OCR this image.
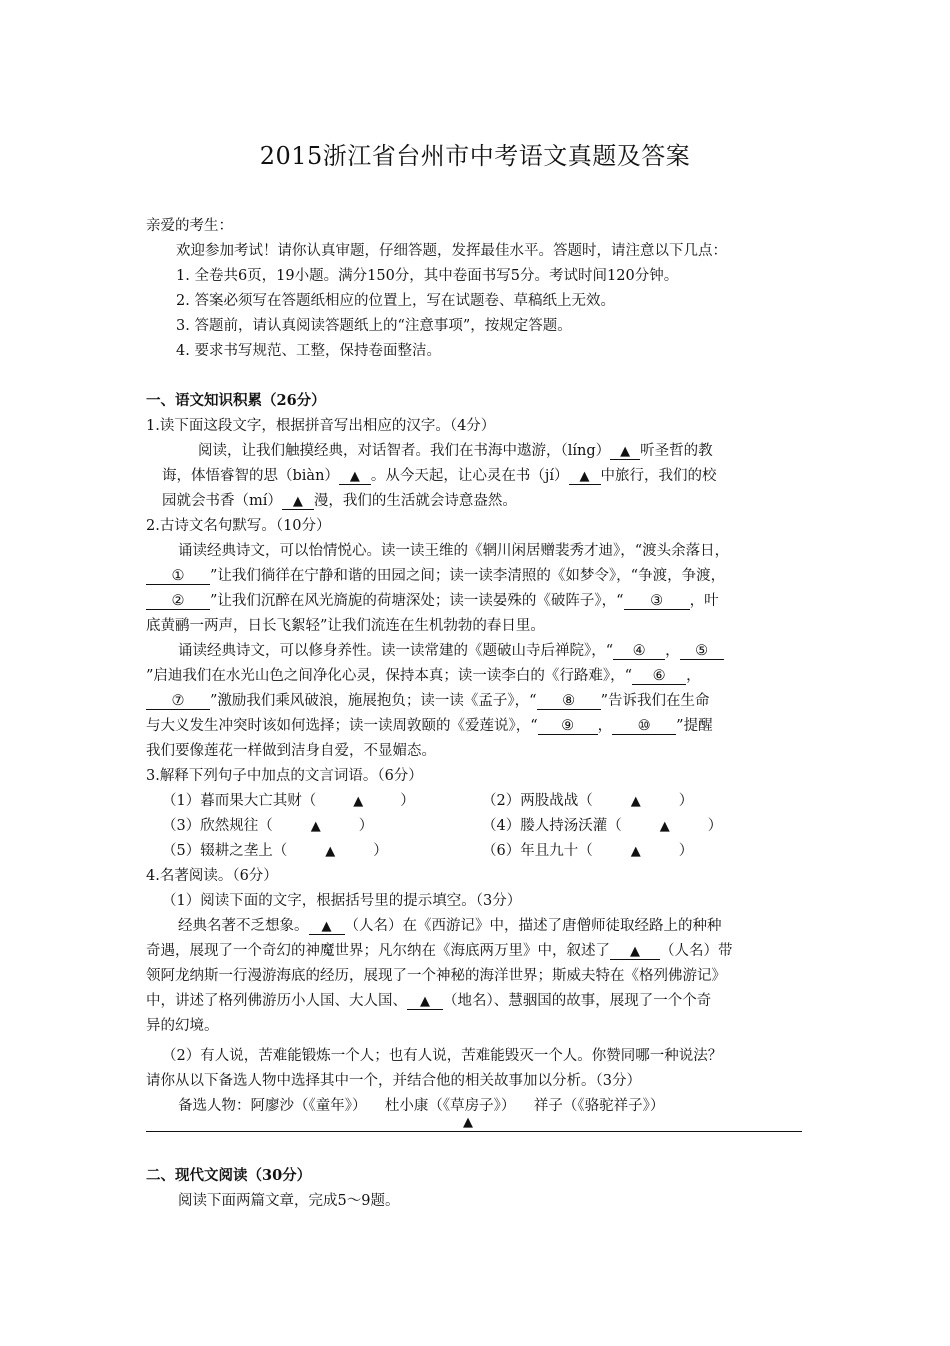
2015浙江省台州市中考语文真题及答案
亲爱的考生：
欢迎参加考试！请你认真审题，仔细答题，发挥最佳水平。答题时，请注意以下几点：
1. 全卷共6页，19小题。满分150分，其中卷面书写5分。考试时间120分钟。
2. 答案必须写在答题纸相应的位置上，写在试题卷、草稿纸上无效。
3. 答题前，请认真阅读答题纸上的“注意事项”，按规定答题。
4. 要求书写规范、工整，保持卷面整洁。
一、语文知识积累（26分）
1.读下面这段文字，根据拼音写出相应的汉字。（4分）
阅读，让我们触摸经典，对话智者。我们在书海中遨游，（líng） ▲ 听圣哲的教
诲，体悟睿智的思（biàn） ▲ 。从今天起，让心灵在书（jí） ▲ 中旅行，我们的校
园就会书香（mí） ▲ 漫，我们的生活就会诗意盎然。
2.古诗文名句默写。（10分）
诵读经典诗文，可以怡情悦心。读一读王维的《辋川闲居赠裴秀才迪》，“渡头余落日，
① ”让我们徜徉在宁静和谐的田园之间；读一读李清照的《如梦令》，“争渡，争渡，
② ”让我们沉醉在风光旖旎的荷塘深处；读一读晏殊的《破阵子》，“ ③ ，叶
底黄鹂一两声，日长飞絮轻”让我们流连在生机勃勃的春日里。
诵读经典诗文，可以修身养性。读一读常建的《题破山寺后禅院》，“ ④ ， ⑤
”启迪我们在水光山色之间净化心灵，保持本真；读一读李白的《行路难》，“ ⑥ ，
⑦ ”激励我们乘风破浪，施展抱负；读一读《孟子》，“ ⑧ ”告诉我们在生命
与大义发生冲突时该如何选择；读一读周敦颐的《爱莲说》，“ ⑨ ， ⑩ ”提醒
我们要像莲花一样做到洁身自爱，不显媚态。
3.解释下列句子中加点的文言词语。（6分）
（1）暮而果大亡其财（	▲	）	（2）两股战战（	▲	）
（3）欣然规往（	▲	）	（4）媵人持汤沃灌（	▲	）
（5）辍耕之垄上（	▲	）	（6）年且九十（	▲	）
4.名著阅读。（6分）
（1）阅读下面的文字，根据括号里的提示填空。（3分）
经典名著不乏想象。 ▲ （人名）在《西游记》中，描述了唐僧师徒取经路上的种种
奇遇，展现了一个奇幻的神魔世界；凡尔纳在《海底两万里》中，叙述了 ▲ （人名）带
领阿龙纳斯一行漫游海底的经历，展现了一个神秘的海洋世界；斯威夫特在《格列佛游记》
中，讲述了格列佛游历小人国、大人国、 ▲ （地名）、慧骃国的故事，展现了一个个奇
异的幻境。
（2）有人说，苦难能锻炼一个人；也有人说，苦难能毁灭一个人。你赞同哪一种说法？
请你从以下备选人物中选择其中一个，并结合他的相关故事加以分析。（3分）
备选人物：阿廖沙（《童年》）    杜小康（《草房子》）    祥子（《骆驼祥子》）
▲
二、现代文阅读（30分）
阅读下面两篇文章，完成5～9题。
